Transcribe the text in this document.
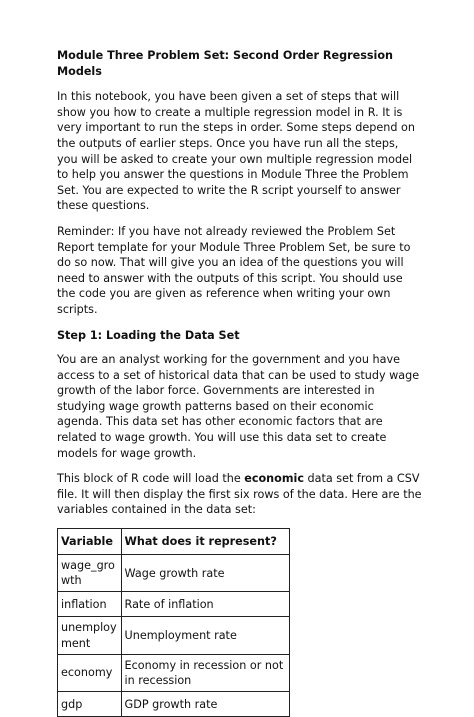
Module Three Problem Set: Second Order Regression Models

In this notebook, you have been given a set of steps that will show you how to create a multiple regression model in R. It is very important to run the steps in order. Some steps depend on the outputs of earlier steps. Once you have run all the steps, you will be asked to create your own multiple regression model to help you answer the questions in Module Three the Problem Set. You are expected to write the R script yourself to answer these questions.

Reminder: If you have not already reviewed the Problem Set Report template for your Module Three Problem Set, be sure to do so now. That will give you an idea of the questions you will need to answer with the outputs of this script. You should use the code you are given as reference when writing your own scripts.

Step 1: Loading the Data Set

You are an analyst working for the government and you have access to a set of historical data that can be used to study wage growth of the labor force. Governments are interested in studying wage growth patterns based on their economic agenda. This data set has other economic factors that are related to wage growth. You will use this data set to create models for wage growth.

This block of R code will load the economic data set from a CSV file. It will then display the first six rows of the data. Here are the variables contained in the data set:

Variable	What does it represent?
wage_growth	Wage growth rate
inflation	Rate of inflation
unemployment	Unemployment rate
economy	Economy in recession or not in recession
gdp	GDP growth rate
